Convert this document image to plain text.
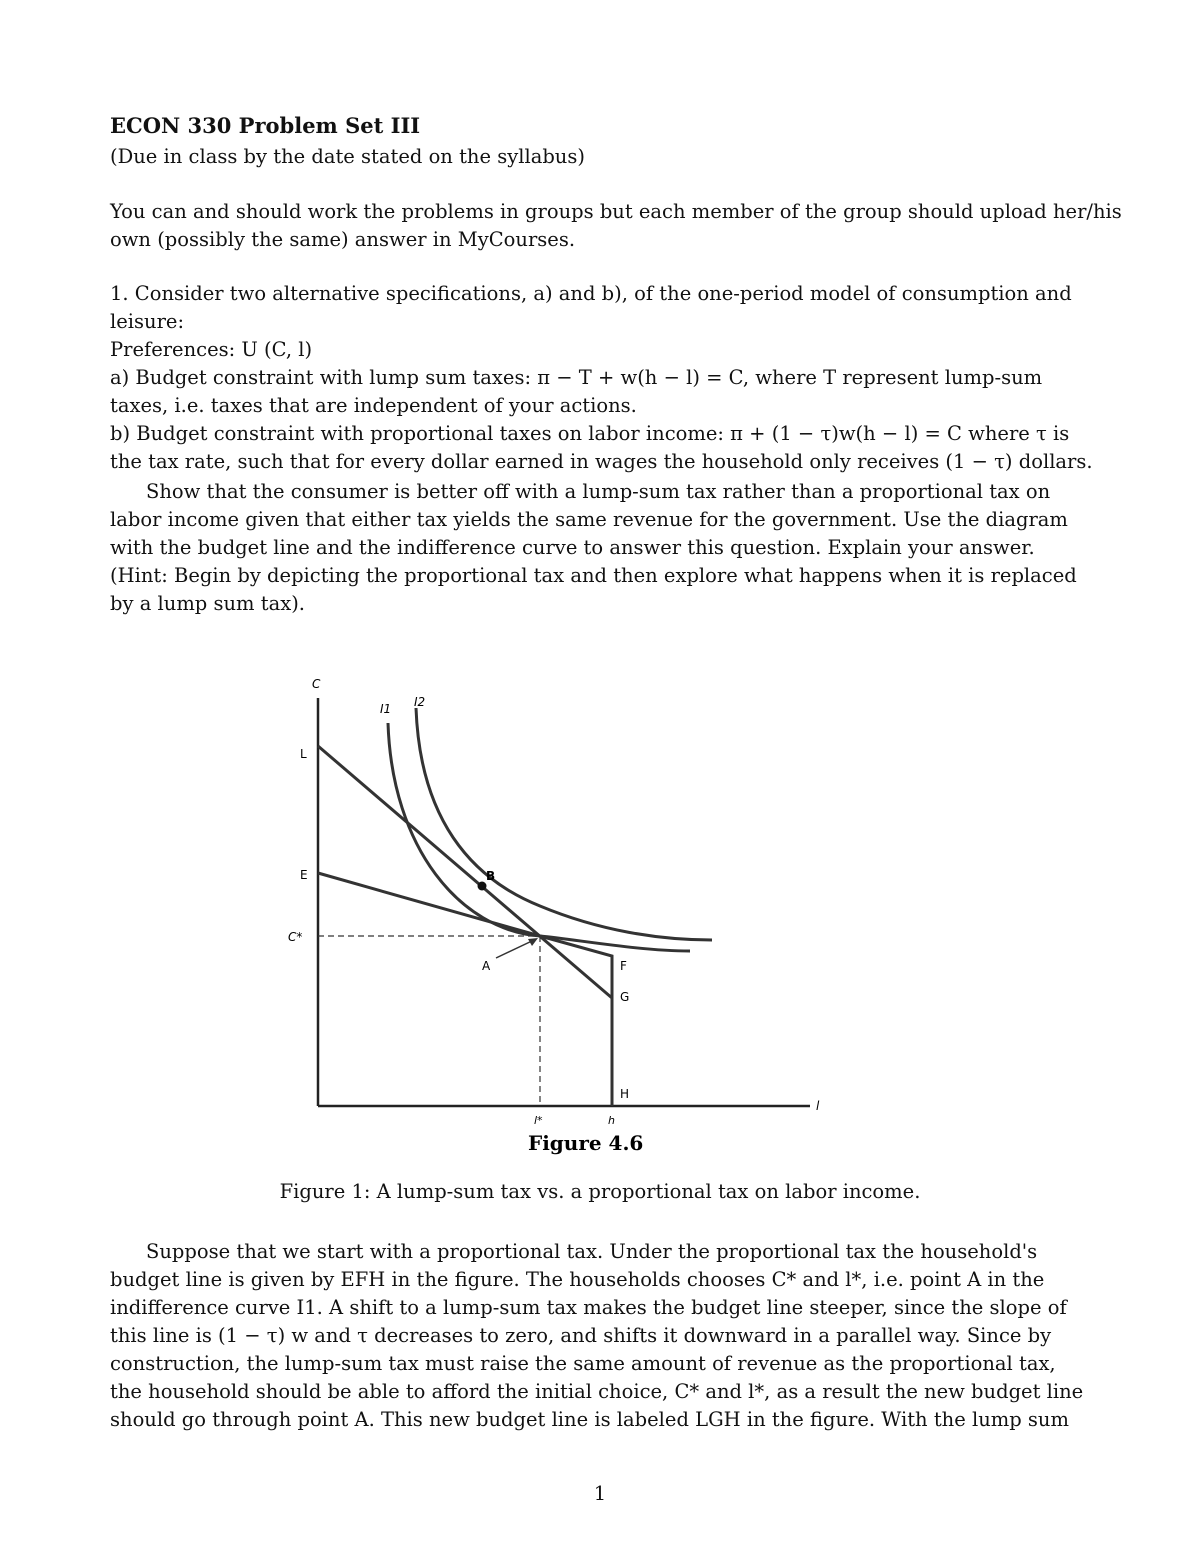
ECON 330 Problem Set III
(Due in class by the date stated on the syllabus)
You can and should work the problems in groups but each member of the group should upload her/his
own (possibly the same) answer in MyCourses.
1. Consider two alternative specifications, a) and b), of the one-period model of consumption and
leisure:
Preferences: U (C, l)
a) Budget constraint with lump sum taxes: π − T + w(h − l) = C, where T represent lump-sum
taxes, i.e. taxes that are independent of your actions.
b) Budget constraint with proportional taxes on labor income: π + (1 − τ)w(h − l) = C where τ is
the tax rate, such that for every dollar earned in wages the household only receives (1 − τ) dollars.
Show that the consumer is better off with a lump-sum tax rather than a proportional tax on
labor income given that either tax yields the same revenue for the government. Use the diagram
with the budget line and the indifference curve to answer this question. Explain your answer.
(Hint: Begin by depicting the proportional tax and then explore what happens when it is replaced
by a lump sum tax).
C
l
I1 I2
L
E
C*
B
A	F
G
H
l*	h
Figure 4.6
Figure 1: A lump-sum tax vs. a proportional tax on labor income.
Suppose that we start with a proportional tax. Under the proportional tax the household's
budget line is given by EFH in the figure. The households chooses C* and l*, i.e. point A in the
indifference curve I1. A shift to a lump-sum tax makes the budget line steeper, since the slope of
this line is (1 − τ) w and τ decreases to zero, and shifts it downward in a parallel way. Since by
construction, the lump-sum tax must raise the same amount of revenue as the proportional tax,
the household should be able to afford the initial choice, C* and l*, as a result the new budget line
should go through point A. This new budget line is labeled LGH in the figure. With the lump sum
1
